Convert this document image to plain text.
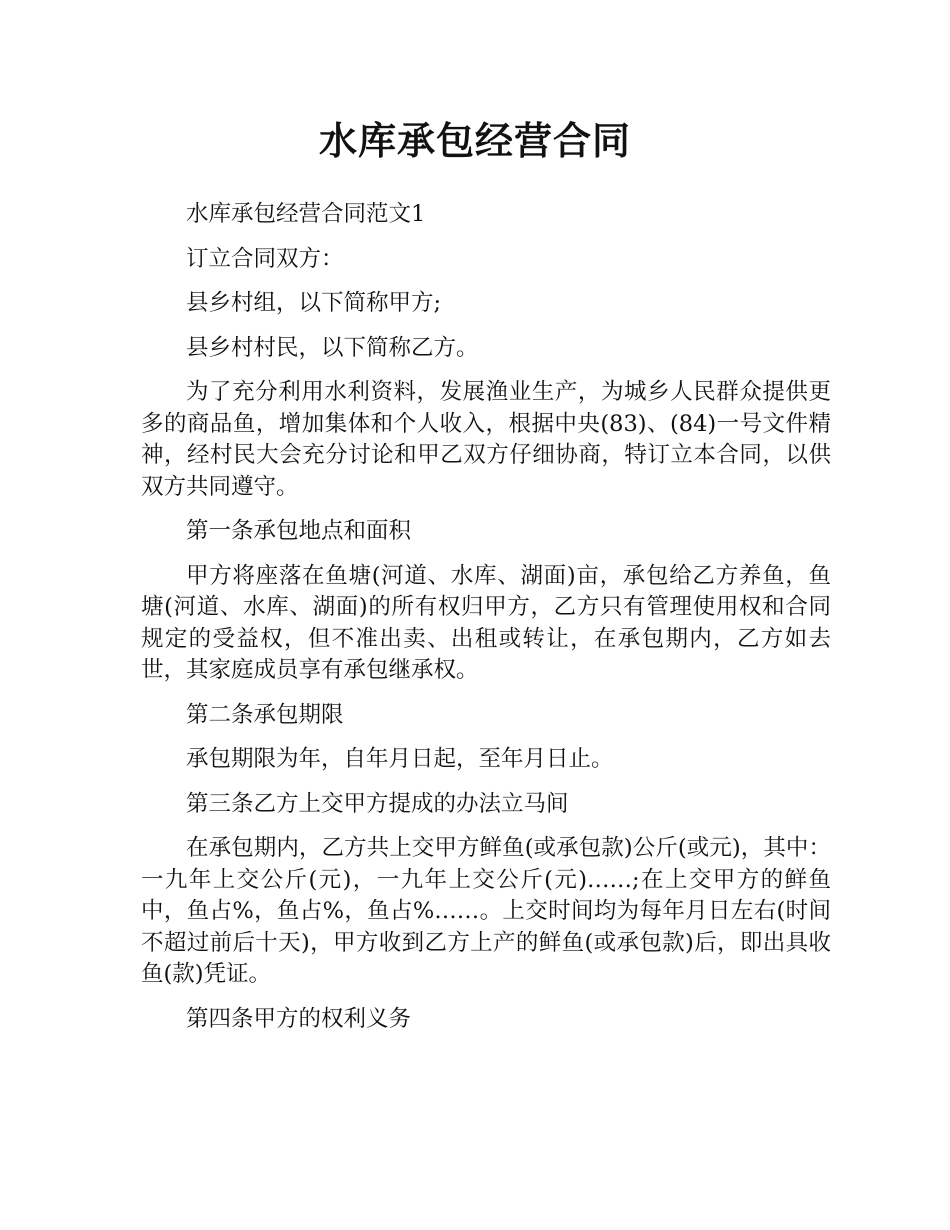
水库承包经营合同

水库承包经营合同范文1

订立合同双方：

县乡村组，以下简称甲方;

县乡村村民，以下简称乙方。

为了充分利用水利资料，发展渔业生产，为城乡人民群众提供更多的商品鱼，增加集体和个人收入，根据中央(83)、(84)一号文件精神，经村民大会充分讨论和甲乙双方仔细协商，特订立本合同，以供双方共同遵守。

第一条承包地点和面积

甲方将座落在鱼塘(河道、水库、湖面)亩，承包给乙方养鱼，鱼塘(河道、水库、湖面)的所有权归甲方，乙方只有管理使用权和合同规定的受益权，但不准出卖、出租或转让，在承包期内，乙方如去世，其家庭成员享有承包继承权。

第二条承包期限

承包期限为年，自年月日起，至年月日止。

第三条乙方上交甲方提成的办法立马间

在承包期内，乙方共上交甲方鲜鱼(或承包款)公斤(或元)，其中：一九年上交公斤(元)，一九年上交公斤(元)……;在上交甲方的鲜鱼中，鱼占%，鱼占%，鱼占%……。上交时间均为每年月日左右(时间不超过前后十天)，甲方收到乙方上产的鲜鱼(或承包款)后，即出具收鱼(款)凭证。

第四条甲方的权利义务
